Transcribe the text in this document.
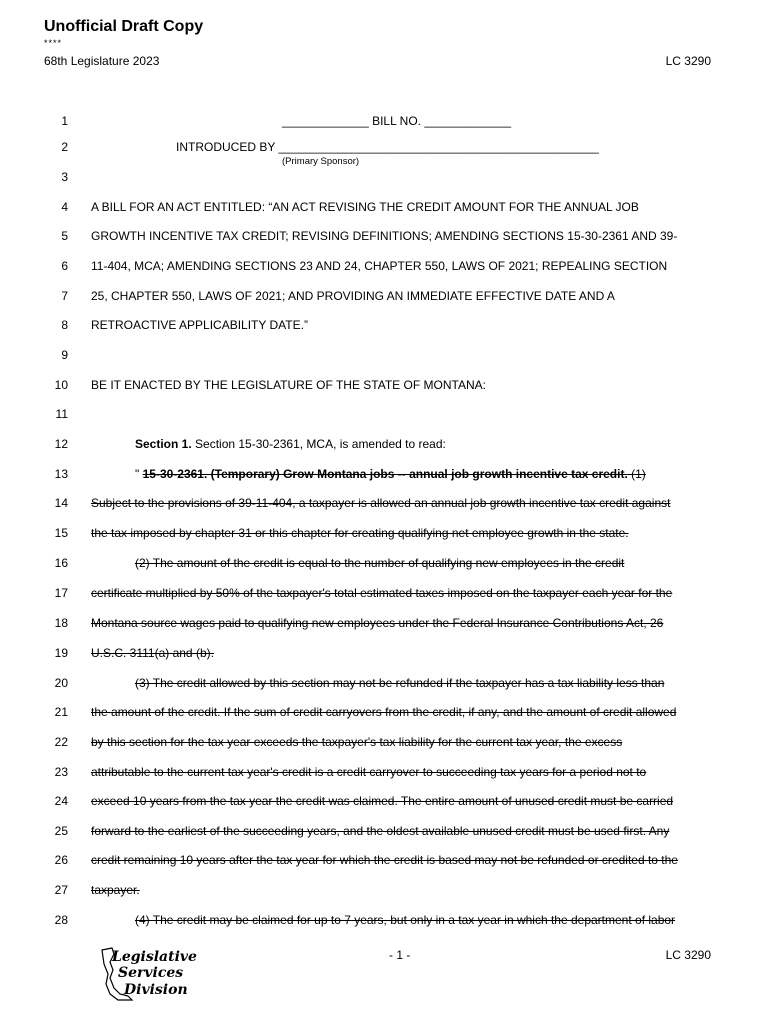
Unofficial Draft Copy
****
68th Legislature 2023	LC 3290
1	_____________ BILL NO. _____________
2	INTRODUCED BY ________________________________________________
(Primary Sponsor)
3
4 A BILL FOR AN ACT ENTITLED: “AN ACT REVISING THE CREDIT AMOUNT FOR THE ANNUAL JOB
5 GROWTH INCENTIVE TAX CREDIT; REVISING DEFINITIONS; AMENDING SECTIONS 15-30-2361 AND 39-
6 11-404, MCA; AMENDING SECTIONS 23 AND 24, CHAPTER 550, LAWS OF 2021; REPEALING SECTION
7 25, CHAPTER 550, LAWS OF 2021; AND PROVIDING AN IMMEDIATE EFFECTIVE DATE AND A
8 RETROACTIVE APPLICABILITY DATE.”
9
10 BE IT ENACTED BY THE LEGISLATURE OF THE STATE OF MONTANA:
11
12	Section 1. Section 15-30-2361, MCA, is amended to read:
13	" 15-30-2361. (Temporary) Grow Montana jobs -- annual job growth incentive tax credit. (1)
14 Subject to the provisions of 39-11-404, a taxpayer is allowed an annual job growth incentive tax credit against
15 the tax imposed by chapter 31 or this chapter for creating qualifying net employee growth in the state.
16	(2) The amount of the credit is equal to the number of qualifying new employees in the credit
17 certificate multiplied by 50% of the taxpayer's total estimated taxes imposed on the taxpayer each year for the
18 Montana source wages paid to qualifying new employees under the Federal Insurance Contributions Act, 26
19 U.S.C. 3111(a) and (b).
20	(3) The credit allowed by this section may not be refunded if the taxpayer has a tax liability less than
21 the amount of the credit. If the sum of credit carryovers from the credit, if any, and the amount of credit allowed
22 by this section for the tax year exceeds the taxpayer's tax liability for the current tax year, the excess
23 attributable to the current tax year's credit is a credit carryover to succeeding tax years for a period not to
24 exceed 10 years from the tax year the credit was claimed. The entire amount of unused credit must be carried
25 forward to the earliest of the succeeding years, and the oldest available unused credit must be used first. Any
26 credit remaining 10 years after the tax year for which the credit is based may not be refunded or credited to the
27 taxpayer.
28	(4) The credit may be claimed for up to 7 years, but only in a tax year in which the department of labor
Legislative
Services
Division
- 1 -	LC 3290
